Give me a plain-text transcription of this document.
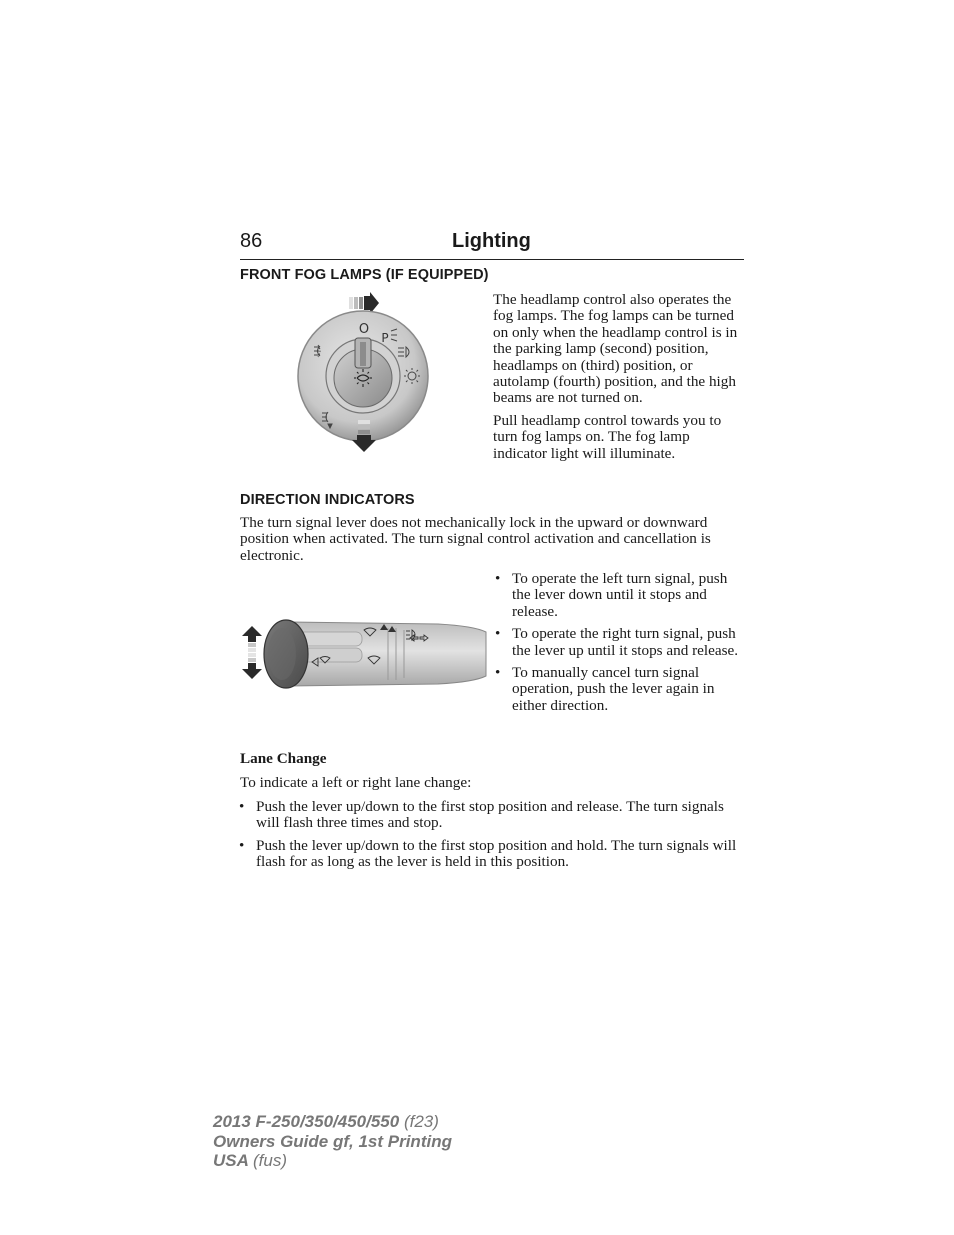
86	Lighting
FRONT FOG LAMPS (IF EQUIPPED)
O
P

The headlamp control also operates the fog lamps. The fog lamps can be turned on only when the headlamp control is in the parking lamp (second) position, headlamps on (third) position, or autolamp (fourth) position, and the high beams are not turned on.

Pull headlamp control towards you to turn fog lamps on. The fog lamp indicator light will illuminate.

DIRECTION INDICATORS

The turn signal lever does not mechanically lock in the upward or downward position when activated. The turn signal control activation and cancellation is electronic.

• To operate the left turn signal, push the lever down until it stops and release.
• To operate the right turn signal, push the lever up until it stops and release.
• To manually cancel turn signal operation, push the lever again in either direction.
Lane Change

To indicate a left or right lane change:

• Push the lever up/down to the first stop position and release. The turn signals will flash three times and stop.
• Push the lever up/down to the first stop position and hold. The turn signals will flash for as long as the lever is held in this position.
2013 F-250/350/450/550 (f23)
Owners Guide gf, 1st Printing
USA (fus)
